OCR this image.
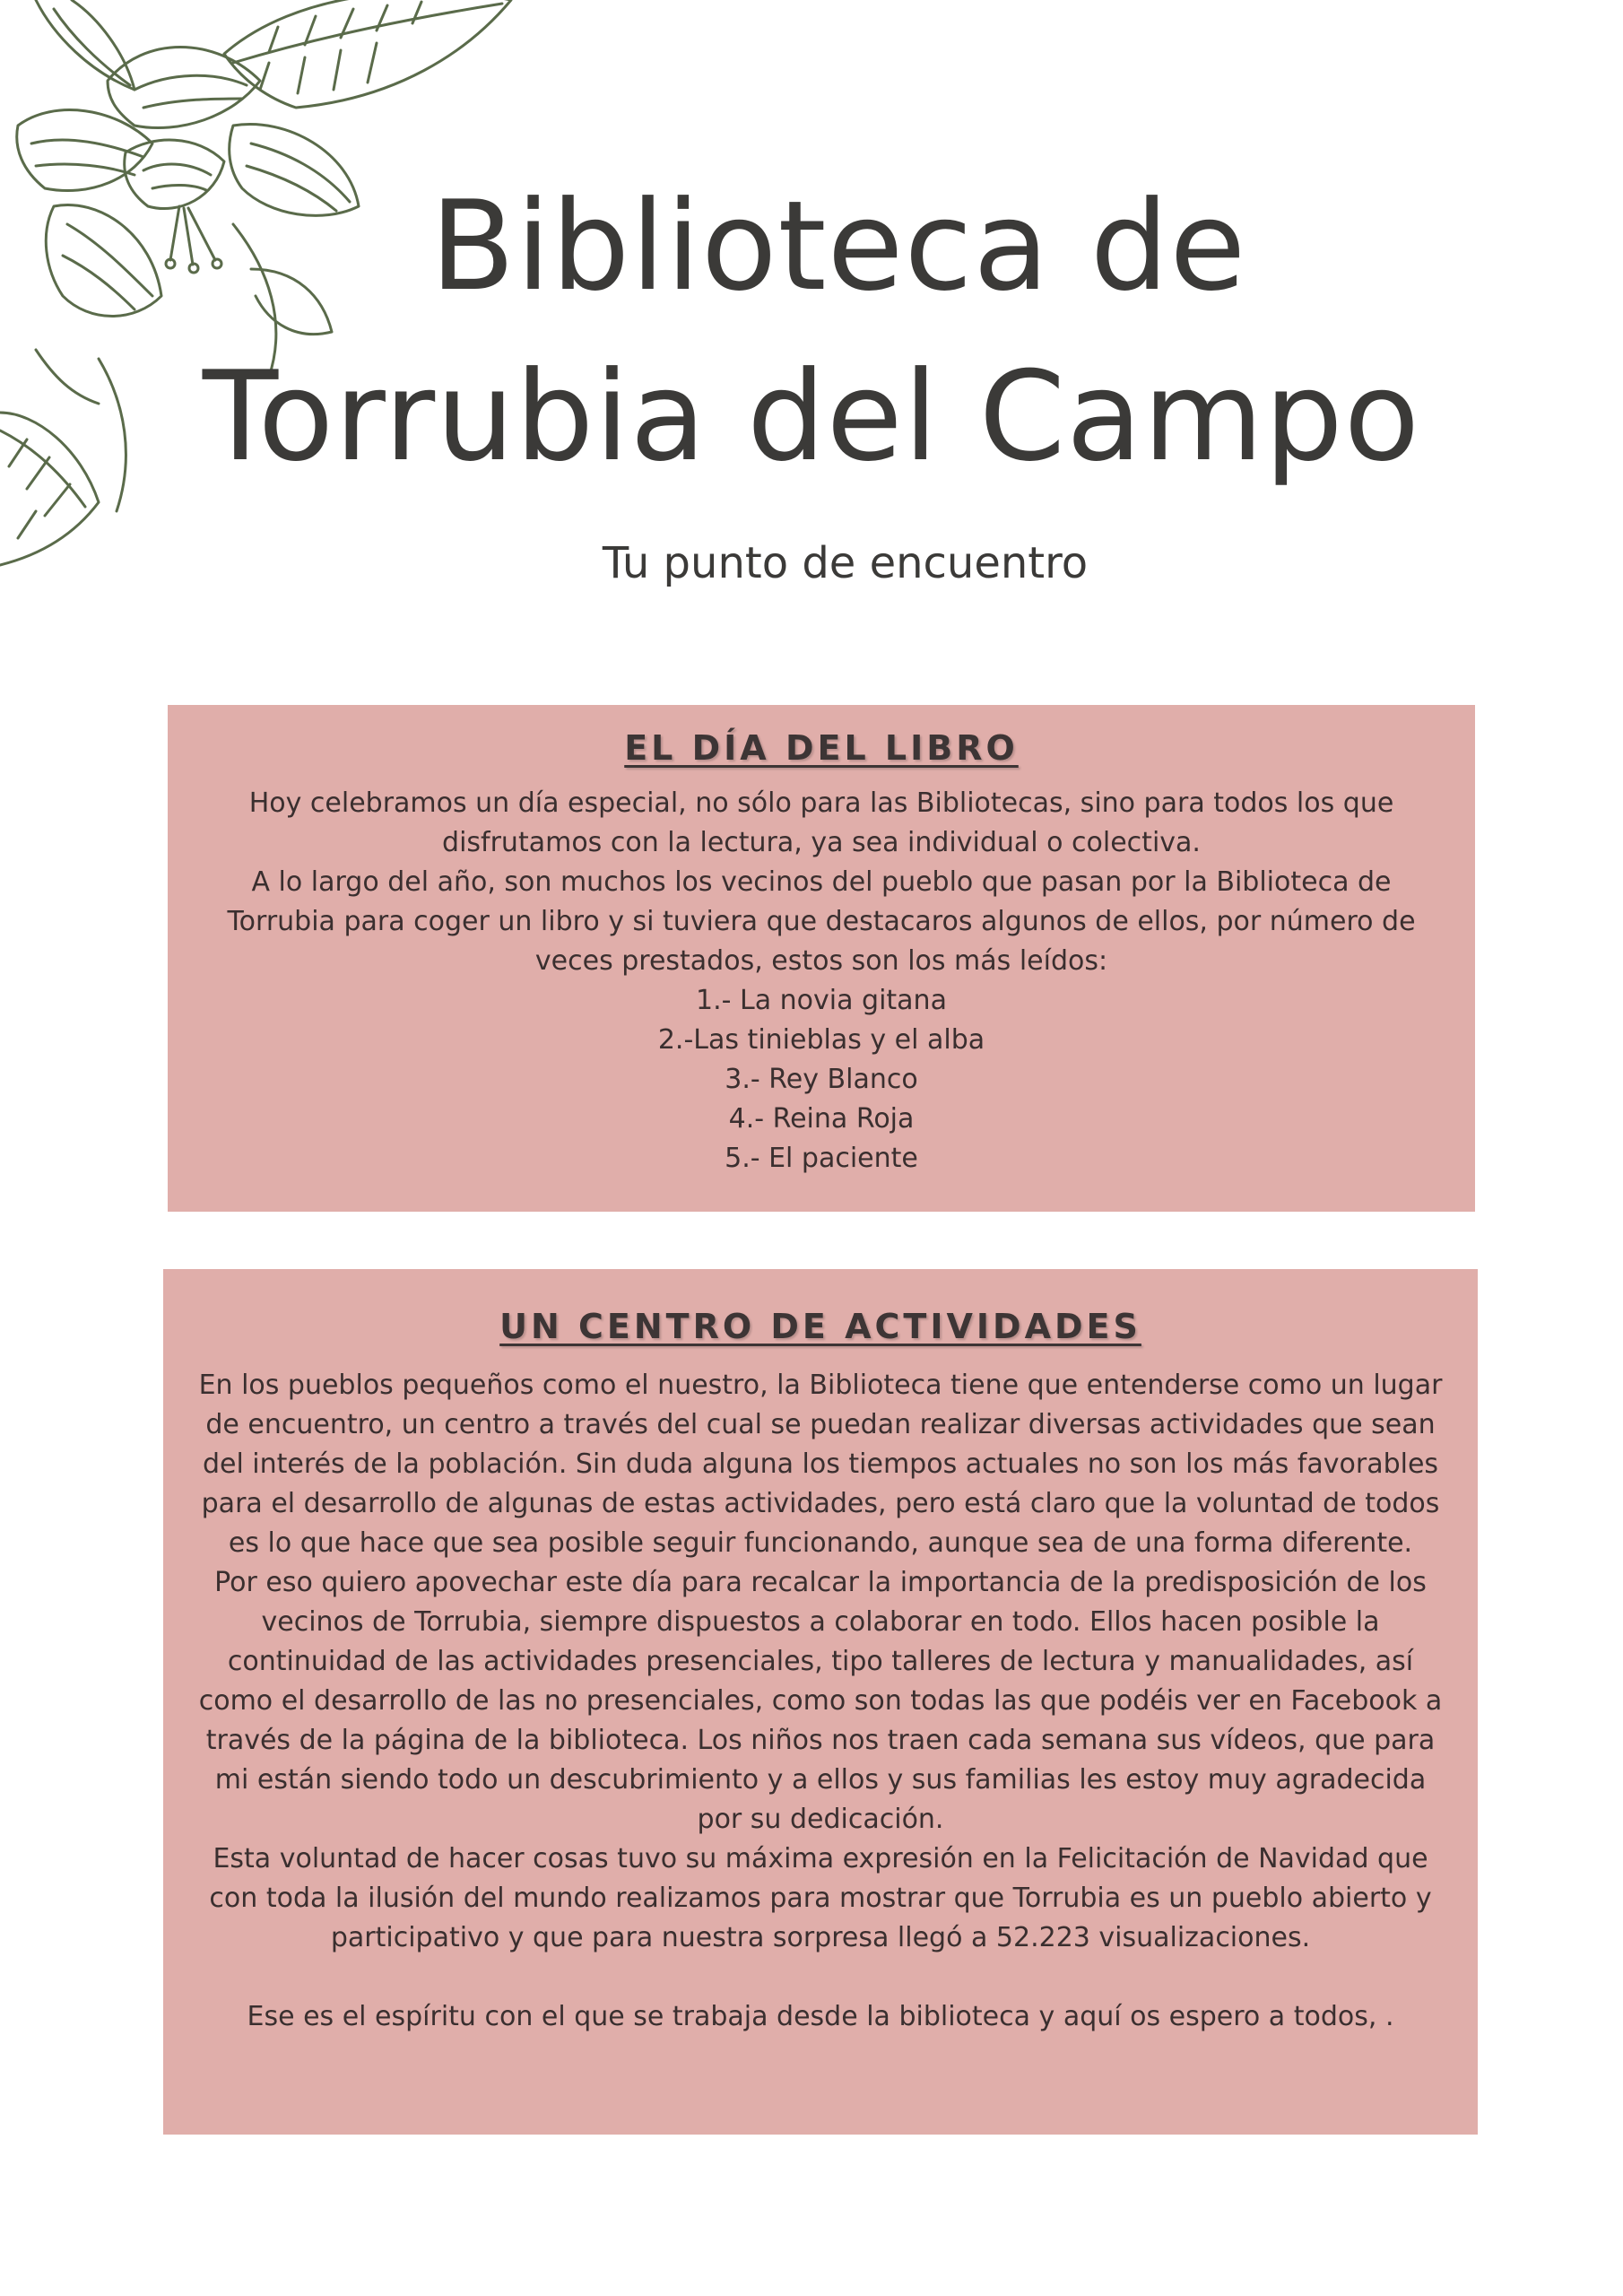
Biblioteca de
Torrubia del Campo

Tu punto de encuentro

EL DÍA DEL LIBRO

Hoy celebramos un día especial, no sólo para las Bibliotecas, sino para todos los que disfrutamos con la lectura, ya sea individual o colectiva.

A lo largo del año, son muchos los vecinos del pueblo que pasan por la Biblioteca de Torrubia para coger un libro y si tuviera que destacaros algunos de ellos, por número de veces prestados, estos son los más leídos:

1.- La novia gitana
2.-Las tinieblas y el alba
3.- Rey Blanco
4.- Reina Roja
5.- El paciente
UN CENTRO DE ACTIVIDADES

En los pueblos pequeños como el nuestro, la Biblioteca tiene que entenderse como un lugar de encuentro, un centro a través del cual se puedan realizar diversas actividades que sean del interés de la población. Sin duda alguna los tiempos actuales no son los más favorables para el desarrollo de algunas de estas actividades, pero está claro que la voluntad de todos es lo que hace que sea posible seguir funcionando, aunque sea de una forma diferente.

Por eso quiero apovechar este día para recalcar la importancia de la predisposición de los vecinos de Torrubia, siempre dispuestos a colaborar en todo. Ellos hacen posible la continuidad de las actividades presenciales, tipo talleres de lectura y manualidades, así como el desarrollo de las no presenciales, como son todas las que podéis ver en Facebook a través de la página de la biblioteca. Los niños nos traen cada semana sus vídeos, que para mi están siendo todo un descubrimiento y a ellos y sus familias les estoy muy agradecida por su dedicación.

Esta voluntad de hacer cosas tuvo su máxima expresión en la Felicitación de Navidad que con toda la ilusión del mundo realizamos para mostrar que Torrubia es un pueblo abierto y participativo y que para nuestra sorpresa llegó a 52.223 visualizaciones.

Ese es el espíritu con el que se trabaja desde la biblioteca y aquí os espero a todos, .
